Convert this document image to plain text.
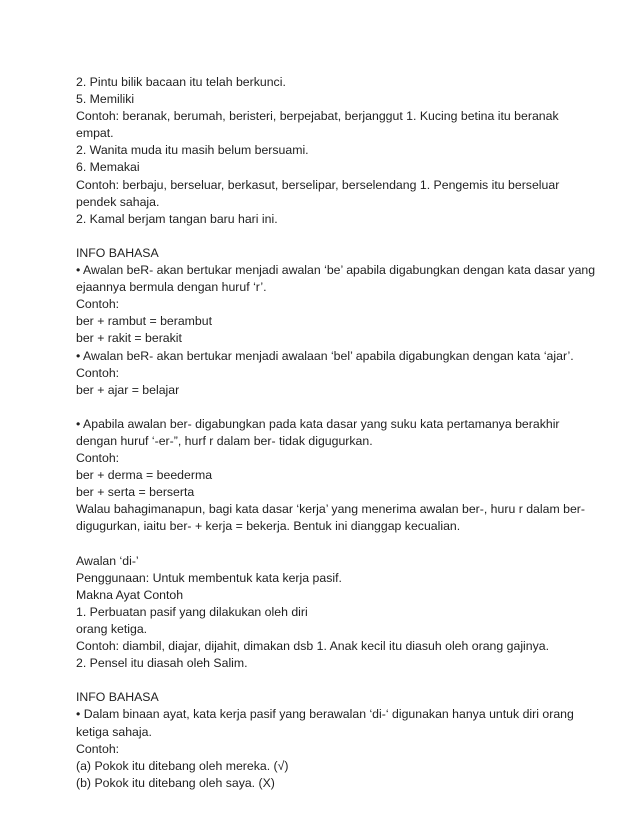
2. Pintu bilik bacaan itu telah berkunci.
5. Memiliki
Contoh: beranak, berumah, beristeri, berpejabat, berjanggut 1. Kucing betina itu beranak
empat.
2. Wanita muda itu masih belum bersuami.
6. Memakai
Contoh: berbaju, berseluar, berkasut, berselipar, berselendang 1. Pengemis itu berseluar
pendek sahaja.
2. Kamal berjam tangan baru hari ini.
INFO BAHASA
• Awalan beR- akan bertukar menjadi awalan ‘be’ apabila digabungkan dengan kata dasar yang
ejaannya bermula dengan huruf ‘r’.
Contoh:
ber + rambut = berambut
ber + rakit = berakit
• Awalan beR- akan bertukar menjadi awalaan ‘bel’ apabila digabungkan dengan kata ‘ajar’.
Contoh:
ber + ajar = belajar
• Apabila awalan ber- digabungkan pada kata dasar yang suku kata pertamanya berakhir
dengan huruf ‘-er-”, hurf r dalam ber- tidak digugurkan.
Contoh:
ber + derma = beederma
ber + serta = berserta
Walau bahagimanapun, bagi kata dasar ‘kerja’ yang menerima awalan ber-, huru r dalam ber-
digugurkan, iaitu ber- + kerja = bekerja. Bentuk ini dianggap kecualian.
Awalan ‘di-’
Penggunaan: Untuk membentuk kata kerja pasif.
Makna Ayat Contoh
1. Perbuatan pasif yang dilakukan oleh diri
orang ketiga.
Contoh: diambil, diajar, dijahit, dimakan dsb 1. Anak kecil itu diasuh oleh orang gajinya.
2. Pensel itu diasah oleh Salim.
INFO BAHASA
• Dalam binaan ayat, kata kerja pasif yang berawalan ‘di-‘ digunakan hanya untuk diri orang
ketiga sahaja.
Contoh:
(a) Pokok itu ditebang oleh mereka. (√)
(b) Pokok itu ditebang oleh saya. (X)
